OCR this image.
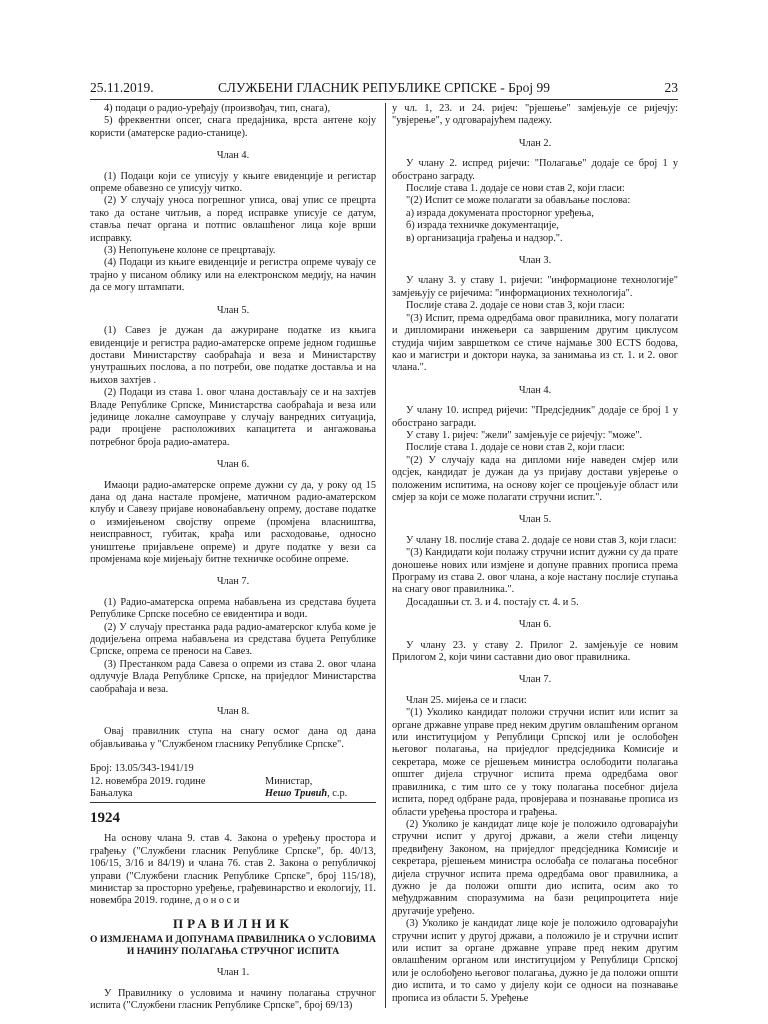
25.11.2019.	СЛУЖБЕНИ ГЛАСНИК РЕПУБЛИКЕ СРПСКЕ - Број 99	23

4) подаци о радио-уређају (произвођач, тип, снага),

5) фреквентни опсег, снага предајника, врста антене коју користи (аматерске радио-станице).

Члан 4.

(1) Подаци који се уписују у књиге евиденције и регистар опреме обавезно се уписују читко.

(2) У случају уноса погрешног уписа, овај упис се прецрта тако да остане читљив, а поред исправке уписује се датум, ставља печат органа и потпис овлашћеног лица које врши исправку.

(3) Непопуњене колоне се прецртавају.

(4) Подаци из књиге евиденције и регистра опреме чувају се трајно у писаном облику или на електронском медију, на начин да се могу штампати.

Члан 5.

(1) Савез је дужан да ажуриране податке из књига евиденције и регистра радио-аматерске опреме једном годишње достави Министарству саобраћаја и веза и Министарству унутрашњих послова, а по потреби, ове податке доставља и на њихов захтјев .

(2) Подаци из става 1. овог члана достављају се и на захтјев Владе Републике Српске, Министарства саобраћаја и веза или јединице локалне самоуправе у случају ванредних ситуација, ради процјене расположивих капацитета и ангажовања потребног броја радио-аматера.

Члан 6.

Имаоци радио-аматерске опреме дужни су да, у року од 15 дана од дана настале промјене, матичном радио-аматерском клубу и Савезу пријаве новонабављену опрему, доставе податке о измијењеном својству опреме (промјена власништва, неисправност, губитак, крађа или расходовање, односно уништење пријављене опреме) и друге податке у вези са промјенама које мијењају битне техничке особине опреме.

Члан 7.

(1) Радио-аматерска опрема набављена из средстава буџета Републике Српске посебно се евидентира и води.

(2) У случају престанка рада радио-аматерског клуба коме је додијељена опрема набављена из средстава буџета Републике Српске, опрема се преноси на Савез.

(3) Престанком рада Савеза о опреми из става 2. овог члана одлучује Влада Републике Српске, на приједлог Министарства саобраћаја и веза.

Члан 8.

Овај правилник ступа на снагу осмог дана од дана објављивања у "Службеном гласнику Републике Српске".

Број: 13.05/343-1941/19
12. новембра 2019. године
Бањалука
Министар,
Нешо Тривић, с.р.

1924

На основу члана 9. став 4. Закона о уређењу простора и грађењу ("Службени гласник Републике Српске", бр. 40/13, 106/15, 3/16 и 84/19) и члана 76. став 2. Закона о републичкој управи ("Службени гласник Републике Српске", број 115/18), министар за просторно уређење, грађевинарство и екологију, 11. новембра 2019. године, д о н о с и

ПРАВИЛНИК

О ИЗМЈЕНАМА И ДОПУНАМА ПРАВИЛНИКА О УСЛОВИМА И НАЧИНУ ПОЛАГАЊА СТРУЧНОГ ИСПИТА

Члан 1.

У Правилнику о условима и начину полагања стручног испита ("Службени гласник Републике Српске", број 69/13)

у чл. 1, 23. и 24. ријеч: "рјешење" замјењује се ријечју: "увјерење", у одговарајућем падежу.

Члан 2.

У члану 2. испред ријечи: "Полагање" додаје се број 1 у обострано заграду.

Послије става 1. додаје се нови став 2, који гласи:

"(2) Испит се може полагати за обављање послова:

а) израда докумената просторног уређења,

б) израда техничке документације,

в) организација грађења и надзор.".

Члан 3.

У члану 3. у ставу 1. ријечи: "информационе технологије" замјењују се ријечима: "информационих технологија".

Послије става 2. додаје се нови став 3, који гласи:

"(3) Испит, према одредбама овог правилника, могу полагати и дипломирани инжењери са завршеним другим циклусом студија чијим завршетком се стиче најмање 300 ECTS бодова, као и магистри и доктори наука, за занимања из ст. 1. и 2. овог члана.".

Члан 4.

У члану 10. испред ријечи: "Предсједник" додаје се број 1 у обострано загради.

У ставу 1. ријеч: "жели" замјењује се ријечју: "може".

Послије става 1. додаје се нови став 2, који гласи:

"(2) У случају када на дипломи није наведен смјер или одсјек, кандидат је дужан да уз пријаву достави увјерење о положеним испитима, на основу којег се процјењује област или смјер за који се може полагати стручни испит.".

Члан 5.

У члану 18. послије става 2. додаје се нови став 3, који гласи:

"(3) Кандидати који полажу стручни испит дужни су да прате доношење нових или измјене и допуне правних прописа према Програму из става 2. овог члана, а које настану послије ступања на снагу овог правилника.".

Досадашњи ст. 3. и 4. постају ст. 4. и 5.

Члан 6.

У члану 23. у ставу 2. Прилог 2. замјењује се новим Прилогом 2, који чини саставни дио овог правилника.

Члан 7.

Члан 25. мијења се и гласи:

"(1) Уколико кандидат положи стручни испит или испит за органе државне управе пред неким другим овлашћеним органом или институцијом у Републици Српској или је ослобођен његовог полагања, на приједлог предсједника Комисије и секретара, може се рјешењем министра ослободити полагања општег дијела стручног испита према одредбама овог правилника, с тим што се у току полагања посебног дијела испита, поред одбране рада, провјерава и познавање прописа из области уређења простора и грађења.

(2) Уколико је кандидат лице које је положило одговарајући стручни испит у другој држави, а жели стећи лиценцу предвиђену Законом, на приједлог предсједника Комисије и секретара, рјешењем министра ослобађа се полагања посебног дијела стручног испита према одредбама овог правилника, а дужно је да положи општи дио испита, осим ако то међудржавним споразумима на бази реципроцитета није другачије уређено.

(3) Уколико је кандидат лице које је положило одговарајући стручни испит у другој држави, а положило је и стручни испит или испит за органе државне управе пред неким другим овлашћеним органом или институцијом у Републици Српској или је ослобођено његовог полагања, дужно је да положи општи дио испита, и то само у дијелу који се односи на познавање прописа из области 5. Уређење
